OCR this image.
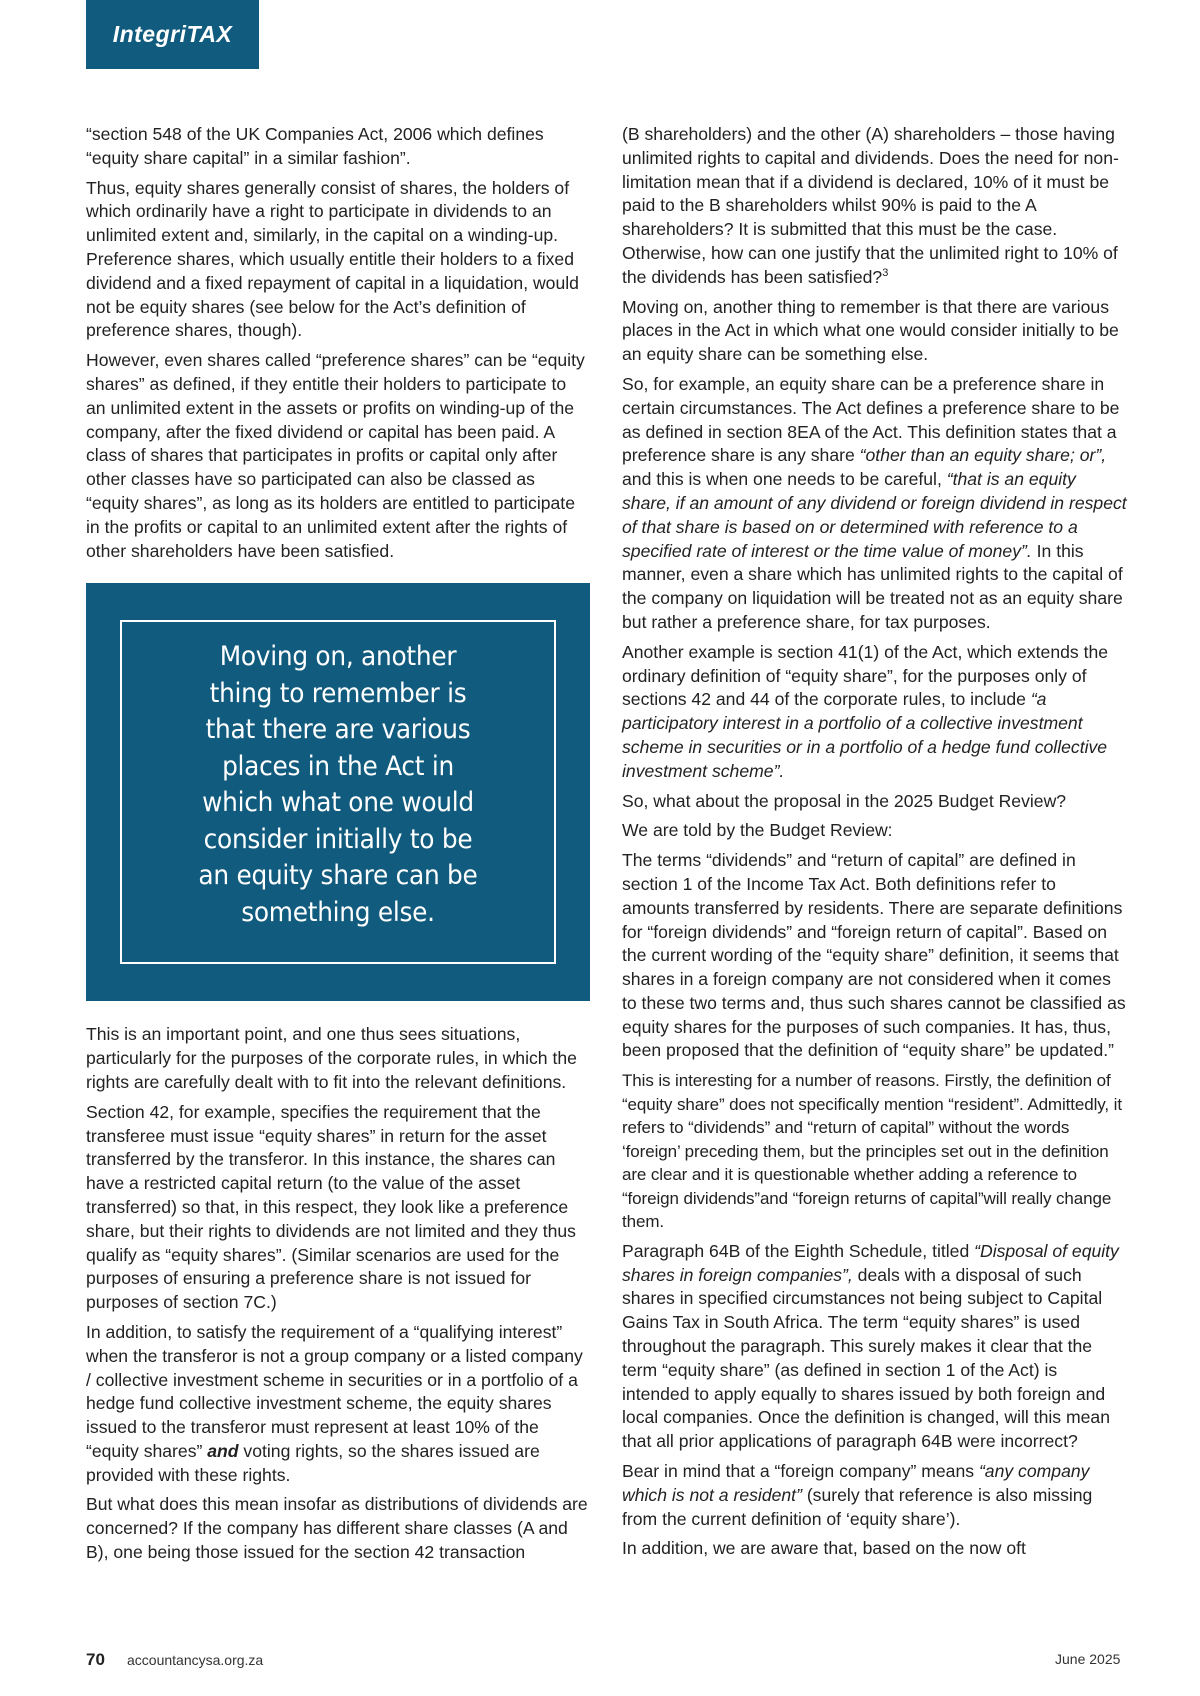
IntegriTAX

“section 548 of the UK Companies Act, 2006 which defines “equity share capital” in a similar fashion”.

Thus, equity shares generally consist of shares, the holders of which ordinarily have a right to participate in dividends to an unlimited extent and, similarly, in the capital on a winding-up. Preference shares, which usually entitle their holders to a fixed dividend and a fixed repayment of capital in a liquidation, would not be equity shares (see below for the Act’s definition of preference shares, though).

However, even shares called “preference shares” can be “equity shares” as defined, if they entitle their holders to participate to an unlimited extent in the assets or profits on winding-up of the company, after the fixed dividend or capital has been paid. A class of shares that participates in profits or capital only after other classes have so participated can also be classed as “equity shares”, as long as its holders are entitled to participate in the profits or capital to an unlimited extent after the rights of other shareholders have been satisfied.

Moving on, another thing to remember is that there are various places in the Act in which what one would consider initially to be an equity share can be something else.

This is an important point, and one thus sees situations, particularly for the purposes of the corporate rules, in which the rights are carefully dealt with to fit into the relevant definitions.

Section 42, for example, specifies the requirement that the transferee must issue “equity shares” in return for the asset transferred by the transferor. In this instance, the shares can have a restricted capital return (to the value of the asset transferred) so that, in this respect, they look like a preference share, but their rights to dividends are not limited and they thus qualify as “equity shares”. (Similar scenarios are used for the purposes of ensuring a preference share is not issued for purposes of section 7C.)

In addition, to satisfy the requirement of a “qualifying interest” when the transferor is not a group company or a listed company / collective investment scheme in securities or in a portfolio of a hedge fund collective investment scheme, the equity shares issued to the transferor must represent at least 10% of the “equity shares” and voting rights, so the shares issued are provided with these rights.

But what does this mean insofar as distributions of dividends are concerned? If the company has different share classes (A and B), one being those issued for the section 42 transaction

(B shareholders) and the other (A) shareholders – those having unlimited rights to capital and dividends. Does the need for non-limitation mean that if a dividend is declared, 10% of it must be paid to the B shareholders whilst 90% is paid to the A shareholders? It is submitted that this must be the case. Otherwise, how can one justify that the unlimited right to 10% of the dividends has been satisfied?$^3$

Moving on, another thing to remember is that there are various places in the Act in which what one would consider initially to be an equity share can be something else.

So, for example, an equity share can be a preference share in certain circumstances. The Act defines a preference share to be as defined in section 8EA of the Act. This definition states that a preference share is any share “other than an equity share; or”, and this is when one needs to be careful, “that is an equity share, if an amount of any dividend or foreign dividend in respect of that share is based on or determined with reference to a specified rate of interest or the time value of money”. In this manner, even a share which has unlimited rights to the capital of the company on liquidation will be treated not as an equity share but rather a preference share, for tax purposes.

Another example is section 41(1) of the Act, which extends the ordinary definition of “equity share”, for the purposes only of sections 42 and 44 of the corporate rules, to include “a participatory interest in a portfolio of a collective investment scheme in securities or in a portfolio of a hedge fund collective investment scheme”.

So, what about the proposal in the 2025 Budget Review?

We are told by the Budget Review:

The terms “dividends” and “return of capital” are defined in section 1 of the Income Tax Act. Both definitions refer to amounts transferred by residents. There are separate definitions for “foreign dividends” and “foreign return of capital”. Based on the current wording of the “equity share” definition, it seems that shares in a foreign company are not considered when it comes to these two terms and, thus such shares cannot be classified as equity shares for the purposes of such companies. It has, thus, been proposed that the definition of “equity share” be updated.”

This is interesting for a number of reasons. Firstly, the definition of “equity share” does not specifically mention “resident”. Admittedly, it refers to “dividends” and “return of capital” without the words ‘foreign’ preceding them, but the principles set out in the definition are clear and it is questionable whether adding a reference to “foreign dividends”and “foreign returns of capital”will really change them.

Paragraph 64B of the Eighth Schedule, titled “Disposal of equity shares in foreign companies”, deals with a disposal of such shares in specified circumstances not being subject to Capital Gains Tax in South Africa. The term “equity shares” is used throughout the paragraph. This surely makes it clear that the term “equity share” (as defined in section 1 of the Act) is intended to apply equally to shares issued by both foreign and local companies. Once the definition is changed, will this mean that all prior applications of paragraph 64B were incorrect?

Bear in mind that a “foreign company” means “any company which is not a resident” (surely that reference is also missing from the current definition of ‘equity share’).

In addition, we are aware that, based on the now oft

70 accountancysa.org.za	June 2025
